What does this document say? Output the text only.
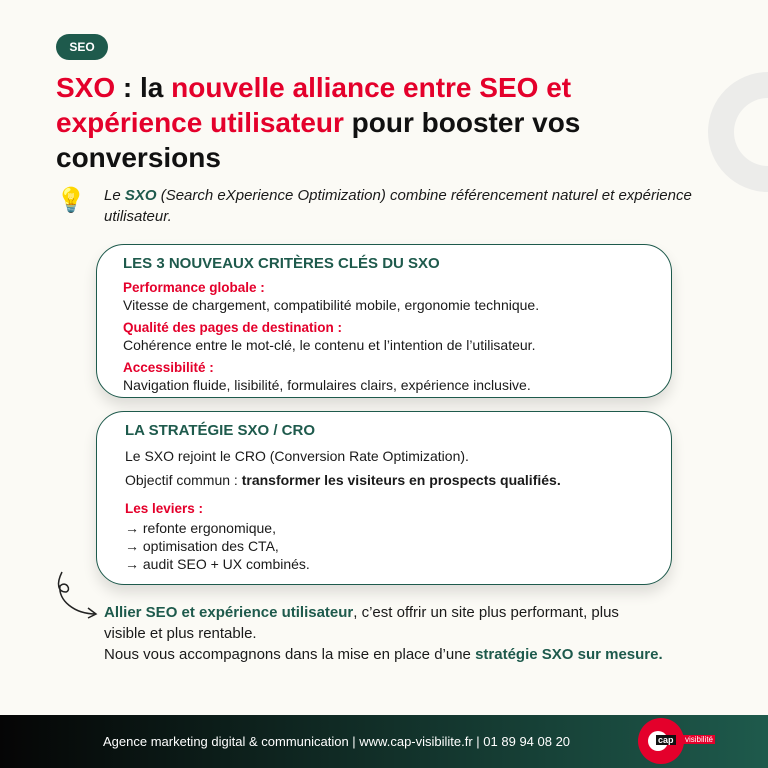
SEO
SXO : la nouvelle alliance entre SEO et expérience utilisateur pour booster vos conversions
💡 Le SXO (Search eXperience Optimization) combine référencement naturel et expérience utilisateur.

LES 3 NOUVEAUX CRITÈRES CLÉS DU SXO
Performance globale :
Vitesse de chargement, compatibilité mobile, ergonomie technique.
Qualité des pages de destination :
Cohérence entre le mot-clé, le contenu et l’intention de l’utilisateur.
Accessibilité :
Navigation fluide, lisibilité, formulaires clairs, expérience inclusive.
LA STRATÉGIE SXO / CRO
Le SXO rejoint le CRO (Conversion Rate Optimization).
Objectif commun : transformer les visiteurs en prospects qualifiés.
Les leviers :
→ refonte ergonomique,
→ optimisation des CTA,
→ audit SEO + UX combinés.

Allier SEO et expérience utilisateur, c’est offrir un site plus performant, plus visible et plus rentable.
Nous vous accompagnons dans la mise en place d’une stratégie SXO sur mesure.

Agence marketing digital & communication | www.cap-visibilite.fr | 01 89 94 08 20	cap visibilité
